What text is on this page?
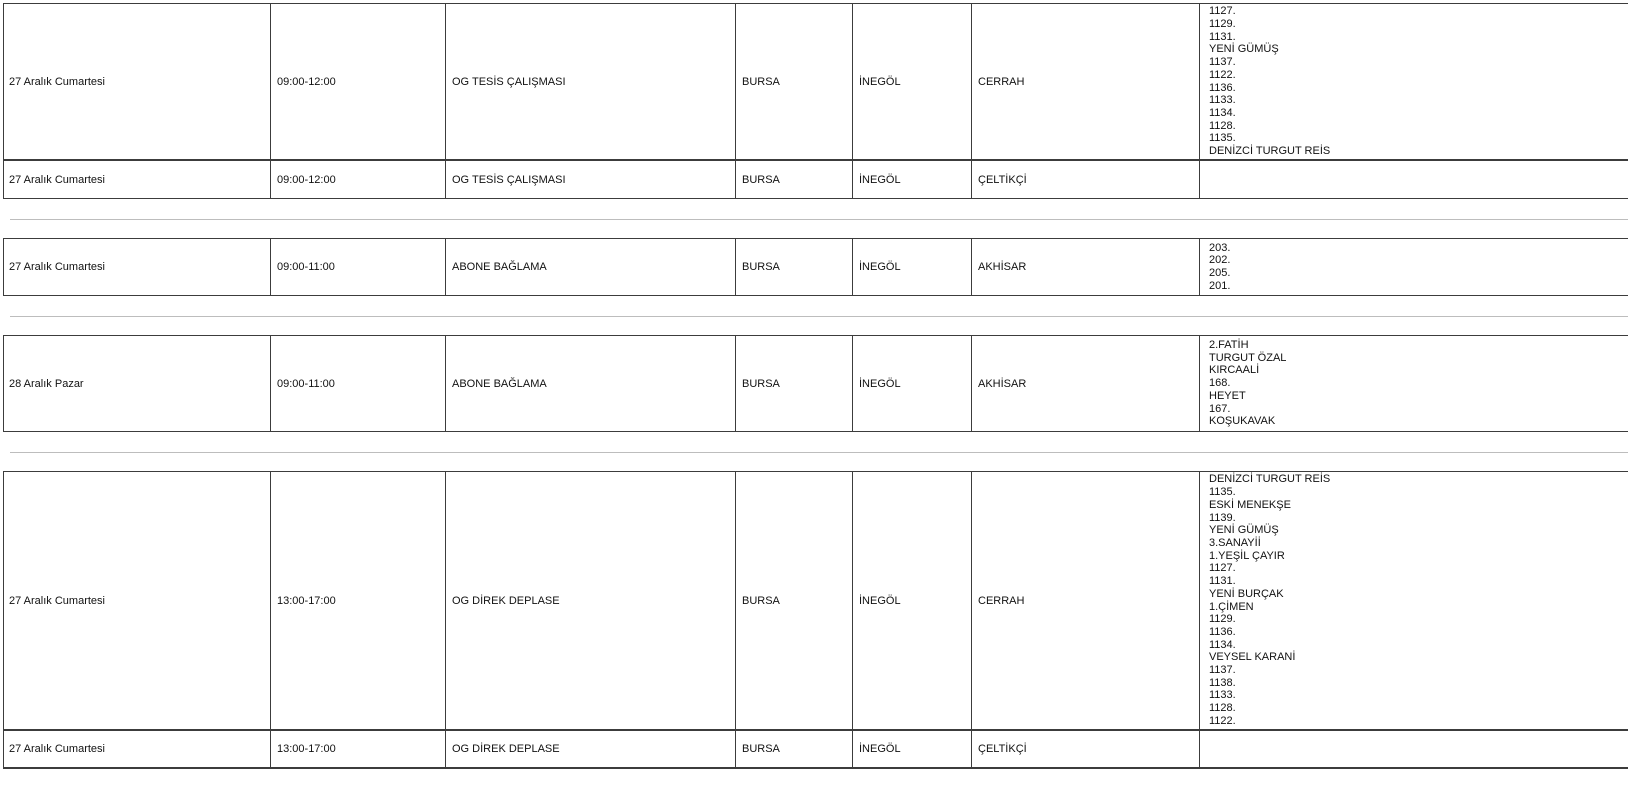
27 Aralık Cumartesi	09:00-12:00	OG TESİS ÇALIŞMASI	BURSA	İNEGÖL	CERRAH
1127.
1129.
1131.
YENİ GÜMÜŞ
1137.
1122.
1136.
1133.
1134.
1128.
1135.
DENİZCİ TURGUT REİS
27 Aralık Cumartesi	09:00-12:00	OG TESİS ÇALIŞMASI	BURSA	İNEGÖL	ÇELTİKÇİ
27 Aralık Cumartesi	09:00-11:00	ABONE BAĞLAMA	BURSA	İNEGÖL	AKHİSAR
203.
202.
205.
201.
28 Aralık Pazar	09:00-11:00	ABONE BAĞLAMA	BURSA	İNEGÖL	AKHİSAR
2.FATİH
TURGUT ÖZAL
KIRCAALİ
168.
HEYET
167.
KOŞUKAVAK
27 Aralık Cumartesi	13:00-17:00	OG DİREK DEPLASE	BURSA	İNEGÖL	CERRAH
DENİZCİ TURGUT REİS
1135.
ESKİ MENEKŞE
1139.
YENİ GÜMÜŞ
3.SANAYİİ
1.YEŞİL ÇAYIR
1127.
1131.
YENİ BURÇAK
1.ÇİMEN
1129.
1136.
1134.
VEYSEL KARANİ
1137.
1138.
1133.
1128.
1122.
27 Aralık Cumartesi	13:00-17:00	OG DİREK DEPLASE	BURSA	İNEGÖL	ÇELTİKÇİ
